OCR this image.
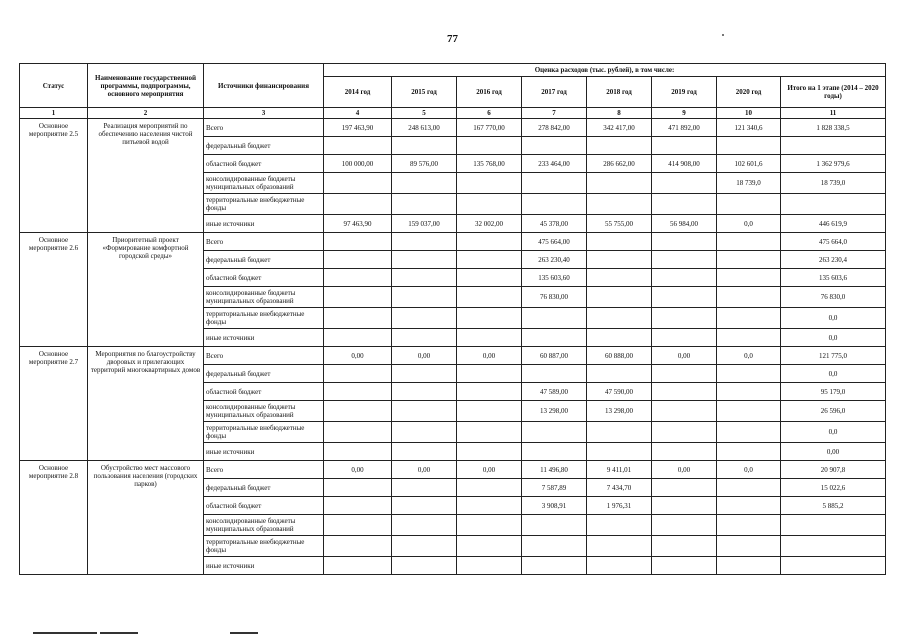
77
Статус	Наименование государственной программы, подпрограммы, основного мероприятия	Источники финансирования	Оценка расходов (тыс. рублей), в том числе:							
			2014 год	2015 год	2016 год	2017 год	2018 год	2019 год	2020 год	Итого на 1 этапе (2014 – 2020 годы)
1	2	3	4	5	6	7	8	9	10	11
Основное мероприятие 2.5	Реализация мероприятий по обеспечению населения чистой питьевой водой	Всего	197 463,90	248 613,00	167 770,00	278 842,00	342 417,00	471 892,00	121 340,6	1 828 338,5
		федеральный бюджет								
		областной бюджет	100 000,00	89 576,00	135 768,00	233 464,00	286 662,00	414 908,00	102 601,6	1 362 979,6
		консолидированные бюджеты муниципальных образований							18 739,0	18 739,0
		территориальные внебюджетные фонды								
		иные источники	97 463,90	159 037,00	32 002,00	45 378,00	55 755,00	56 984,00	0,0	446 619,9
Основное мероприятие 2.6	Приоритетный проект «Формирование комфортной городской среды»	Всего				475 664,00				475 664,0
		федеральный бюджет				263 230,40				263 230,4
		областной бюджет				135 603,60				135 603,6
		консолидированные бюджеты муниципальных образований				76 830,00				76 830,0
		территориальные внебюджетные фонды								0,0
		иные источники								0,0
Основное мероприятие 2.7	Мероприятия по благоустройству дворовых и прилегающих территорий многоквартирных домов	Всего	0,00	0,00	0,00	60 887,00	60 888,00	0,00	0,0	121 775,0
		федеральный бюджет								0,0
		областной бюджет				47 589,00	47 590,00			95 179,0
		консолидированные бюджеты муниципальных образований				13 298,00	13 298,00			26 596,0
		территориальные внебюджетные фонды								0,0
		иные источники								0,00
Основное мероприятие 2.8	Обустройство мест массового пользования населения (городских парков)	Всего	0,00	0,00	0,00	11 496,80	9 411,01	0,00	0,0	20 907,8
		федеральный бюджет				7 587,89	7 434,70			15 022,6
		областной бюджет				3 908,91	1 976,31			5 885,2
		консолидированные бюджеты муниципальных образований								
		территориальные внебюджетные фонды								
		иные источники								
